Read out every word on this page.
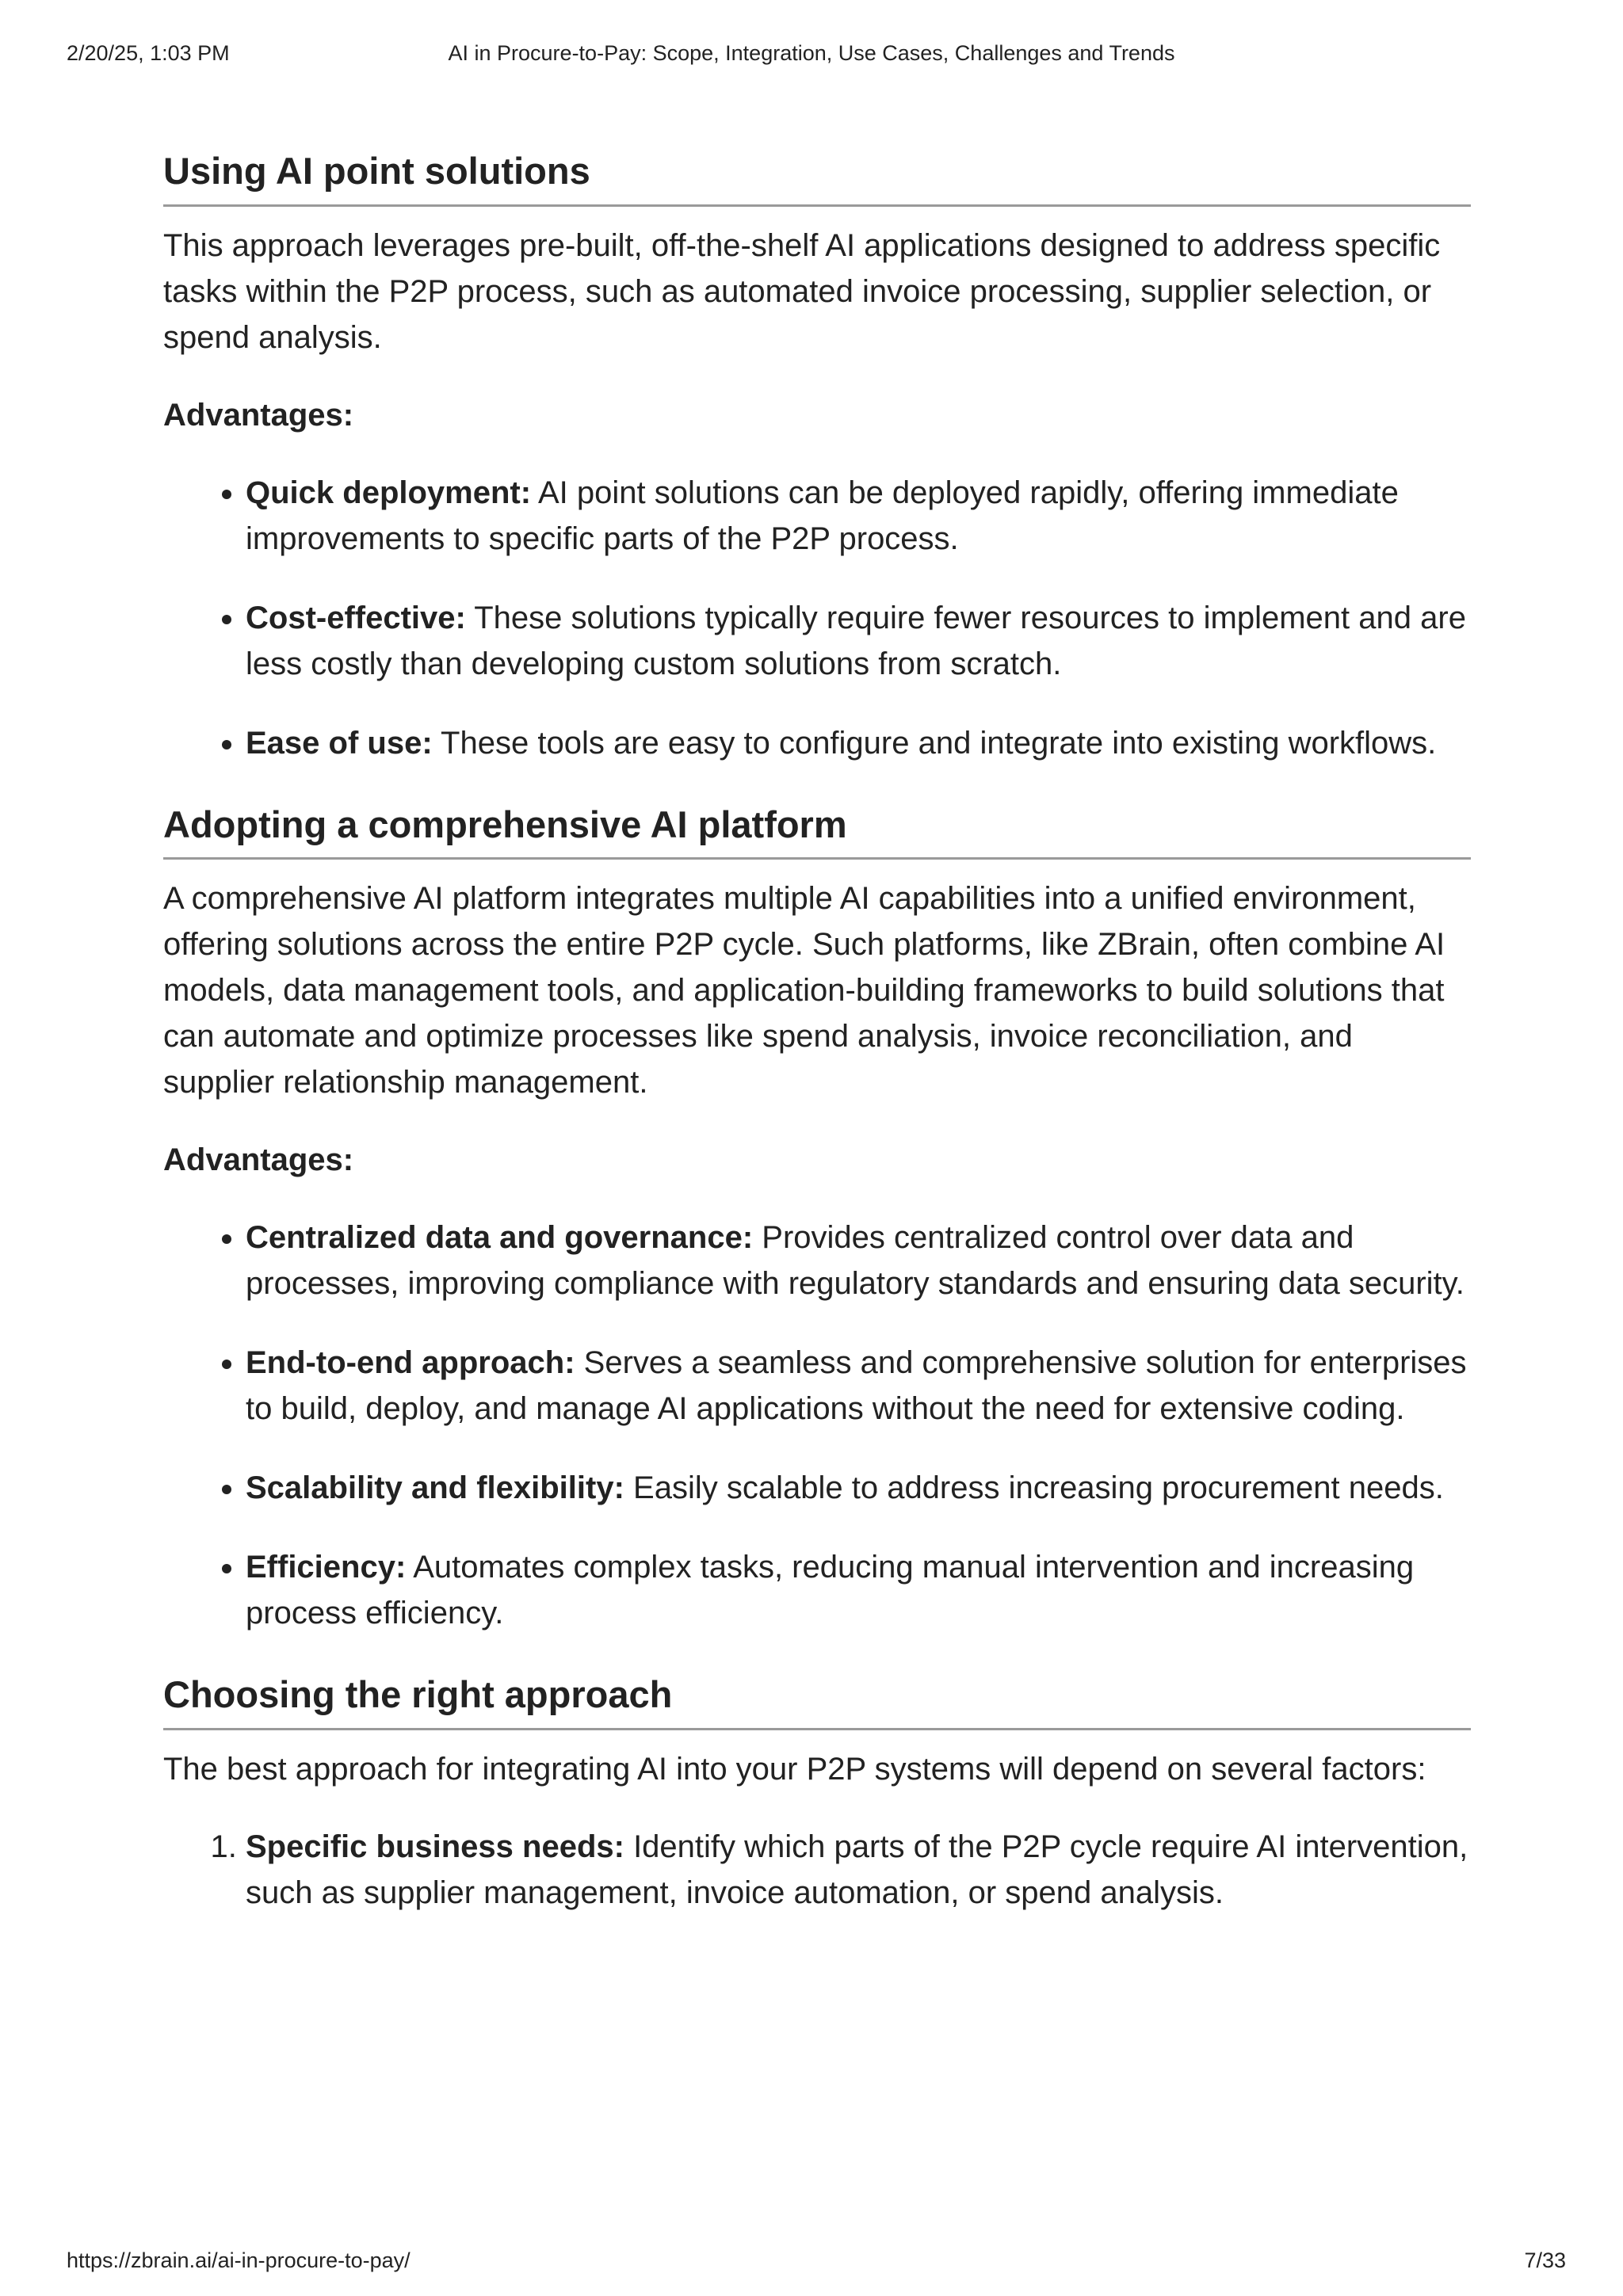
2/20/25, 1:03 PM	AI in Procure-to-Pay: Scope, Integration, Use Cases, Challenges and Trends
Using AI point solutions

This approach leverages pre-built, off-the-shelf AI applications designed to address specific tasks within the P2P process, such as automated invoice processing, supplier selection, or spend analysis.

Advantages:

• Quick deployment: AI point solutions can be deployed rapidly, offering immediate improvements to specific parts of the P2P process.
• Cost-effective: These solutions typically require fewer resources to implement and are less costly than developing custom solutions from scratch.
• Ease of use: These tools are easy to configure and integrate into existing workflows.
Adopting a comprehensive AI platform

A comprehensive AI platform integrates multiple AI capabilities into a unified environment, offering solutions across the entire P2P cycle. Such platforms, like ZBrain, often combine AI models, data management tools, and application-building frameworks to build solutions that can automate and optimize processes like spend analysis, invoice reconciliation, and supplier relationship management.

Advantages:

• Centralized data and governance: Provides centralized control over data and processes, improving compliance with regulatory standards and ensuring data security.
• End-to-end approach: Serves a seamless and comprehensive solution for enterprises to build, deploy, and manage AI applications without the need for extensive coding.
• Scalability and flexibility: Easily scalable to address increasing procurement needs.
• Efficiency: Automates complex tasks, reducing manual intervention and increasing process efficiency.
Choosing the right approach

The best approach for integrating AI into your P2P systems will depend on several factors:

1. Specific business needs: Identify which parts of the P2P cycle require AI intervention, such as supplier management, invoice automation, or spend analysis.
https://zbrain.ai/ai-in-procure-to-pay/	7/33
